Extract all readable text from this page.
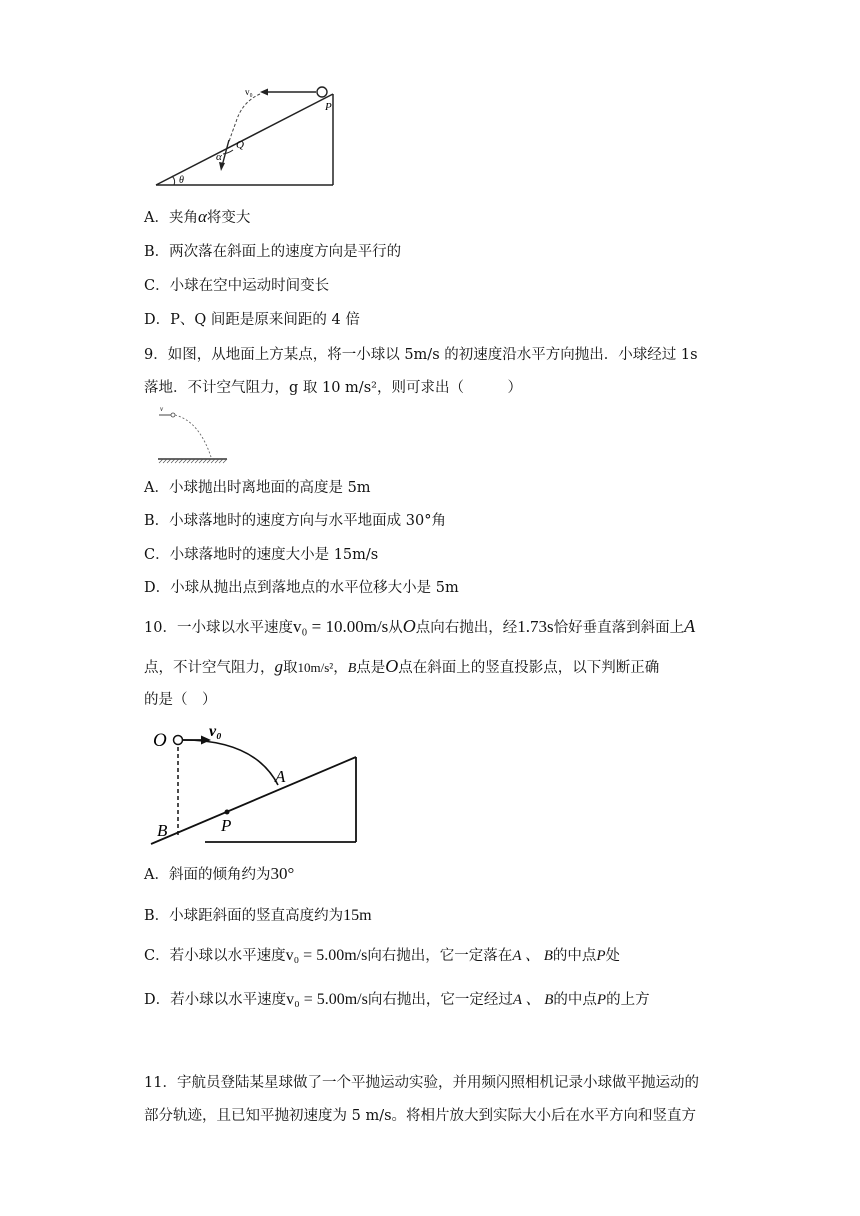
v₀
P
Q
α
θ
A．夹角α将变大
B．两次落在斜面上的速度方向是平行的
C．小球在空中运动时间变长
D．P、Q 间距是原来间距的 4 倍
9．如图，从地面上方某点，将一小球以 5m/s 的初速度沿水平方向抛出．小球经过 1s
落地．不计空气阻力，g 取 10 m/s²，则可求出（　　　）
v
A．小球抛出时离地面的高度是 5m
B．小球落地时的速度方向与水平地面成 30°角
C．小球落地时的速度大小是 15m/s
D．小球从抛出点到落地点的水平位移大小是 5m
10．一小球以水平速度v₀ = 10.00m/s从O点向右抛出，经1.73s恰好垂直落到斜面上A
点，不计空气阻力，g取10m/s²，B点是O点在斜面上的竖直投影点，以下判断正确
的是（　）
O	v₀
A
P
B
A．斜面的倾角约为30°
B．小球距斜面的竖直高度约为15m
C．若小球以水平速度v₀ = 5.00m/s向右抛出，它一定落在A 、 B的中点P处
D．若小球以水平速度v₀ = 5.00m/s向右抛出，它一定经过A 、 B的中点P的上方
11．宇航员登陆某星球做了一个平抛运动实验，并用频闪照相机记录小球做平抛运动的
部分轨迹，且已知平抛初速度为 5 m/s。将相片放大到实际大小后在水平方向和竖直方
